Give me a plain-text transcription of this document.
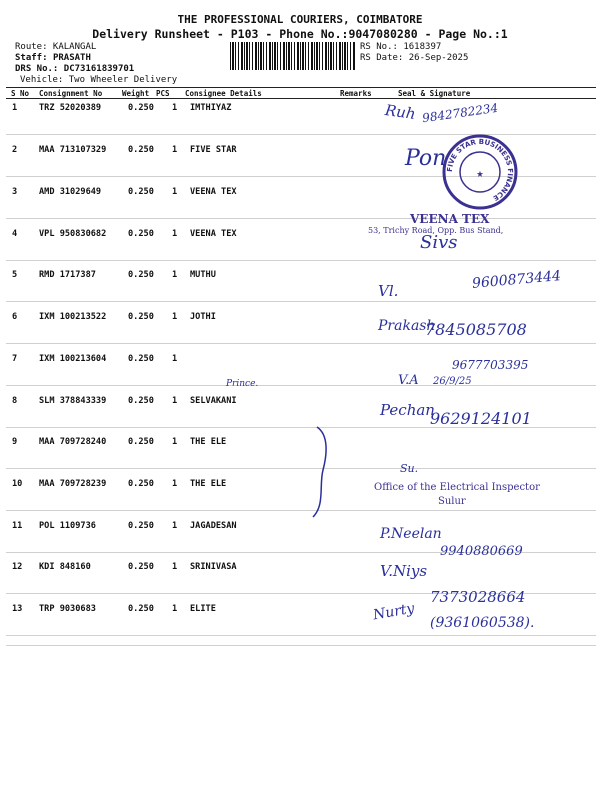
THE PROFESSIONAL COURIERS, COIMBATORE
Delivery Runsheet - P103 - Phone No.:9047080280 - Page No.:1
Route: KALANGAL
Staff: PRASATH
DRS No.: DC73161839701
Vehicle: Two Wheeler Delivery
RS No.: 1618397
RS Date: 26-Sep-2025
S No Consignment No	Weight PCS Consignee Details	Remarks	Seal & Signature
1	TRZ 52020389	0.250 1 IMTHIYAZ
2	MAA 713107329	0.250 1 FIVE STAR
3	AMD 31029649	0.250 1 VEENA TEX
4	VPL 950830682	0.250 1 VEENA TEX
5	RMD 1717387	0.250 1 MUTHU
6	IXM 100213522	0.250 1 JOTHI
7	IXM 100213604	0.250 1
8	SLM 378843339	0.250 1 SELVAKANI
9	MAA 709728240	0.250 1 THE ELE
10 MAA 709728239	0.250 1 THE ELE
11 POL 1109736	0.250 1 JAGADESAN
12 KDI 848160	0.250 1 SRINIVASA
13 TRP 9030683	0.250 1 ELITE
FIVE STAR BUSINESS FINANCE
★
Ruh 9842782234
Pon
VEENA TEX
53, Trichy Road, Opp. Bus Stand,
Sivs
Vl.	9600873444
Prakash
7845085708
9677703395
V.A 26/9/25
Prince.
Pechan
9629124101
Su.
Office of the Electrical Inspector
Sulur
P.Neelan
9940880669
V.Niys
7373028664
Nurty (9361060538).
